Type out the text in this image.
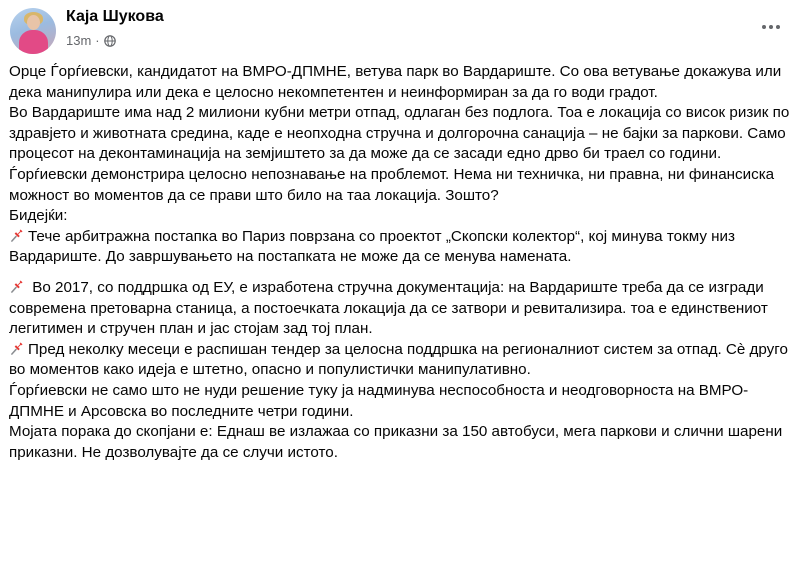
Каја Шукова
13m ·

Орце Ѓорѓиевски, кандидатот на ВМРО-ДПМНЕ, ветува парк во Вардариште. Со ова ветување докажува или дека манипулира или дека е целосно некомпетентен и неинформиран за да го води градот.

Во Вардариште има над 2 милиони кубни метри отпад, одлаган без подлога. Тоа е локација со висок ризик по здравјето и животната средина, каде е неопходна стручна и долгорочна санација – не бајки за паркови. Само процесот на деконтаминација на земјиштето за да може да се засади едно дрво би траел со години.

Ѓорѓиевски демонстрира целосно непознавање на проблемот. Нема ни техничка, ни правна, ни финансиска можност во моментов да се прави што било на таа локација. Зошто?

Бидејќи:

Тече арбитражна постапка во Париз поврзана со проектот „Скопски колектор“, кој минува токму низ Вардариште. До завршувањето на постапката не може да се менува намената.

Во 2017, со поддршка од ЕУ, е изработена стручна документација: на Вардариште треба да се изгради современа претоварна станица, а постоечката локација да се затвори и ревитализира. тоа е единствениот легитимен и стручен план и јас стојам зад тој план.

Пред неколку месеци е распишан тендер за целосна поддршка на регионалниот систем за отпад. Сè друго во моментов како идеја е штетно, опасно и популистички манипулативно.

Ѓорѓиевски не само што не нуди решение туку ја надминува неспособноста и неодговорноста на ВМРО-ДПМНЕ и Арсовска во последните четри години.

Мојата порака до скопјани е: Еднаш ве излажаа со приказни за 150 автобуси, мега паркови и слични шарени приказни. Не дозволувајте да се случи истото.
